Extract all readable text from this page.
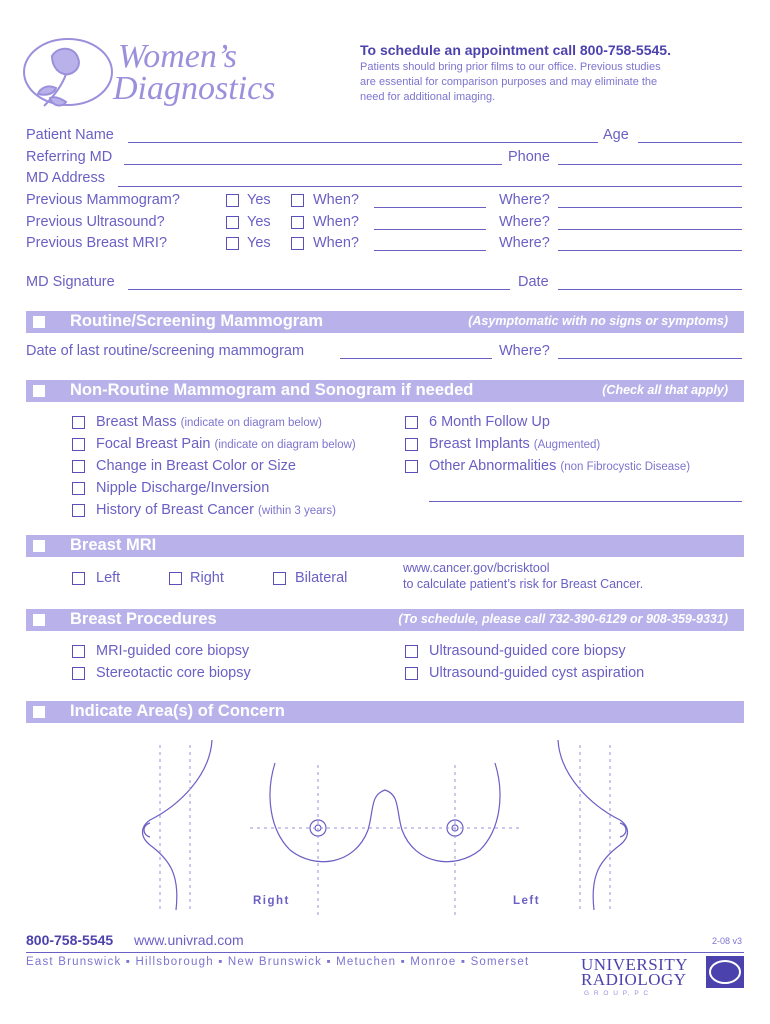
Women’s
Diagnostics
To schedule an appointment call 800-758-5545.
Patients should bring prior films to our office. Previous studies
are essential for comparison purposes and may eliminate the
need for additional imaging.
Patient Name	Age
Referring MD	Phone
MD Address
Previous Mammogram?	Yes	When?	Where?
Previous Ultrasound?	Yes	When?	Where?
Previous Breast MRI?	Yes	When?	Where?
MD Signature	Date
Routine/Screening Mammogram	(Asymptomatic with no signs or symptoms)
Date of last routine/screening mammogram	Where?
Non-Routine Mammogram and Sonogram if needed	(Check all that apply)
Breast Mass (indicate on diagram below)
Focal Breast Pain (indicate on diagram below)
Change in Breast Color or Size
Nipple Discharge/Inversion
History of Breast Cancer (within 3 years)
6 Month Follow Up
Breast Implants (Augmented)
Other Abnormalities (non Fibrocystic Disease)
Breast MRI
Left	Right	Bilateral
www.cancer.gov/bcrisktool
to calculate patient’s risk for Breast Cancer.
Breast Procedures	(To schedule, please call 732-390-6129 or 908-359-9331)
MRI-guided core biopsy
Stereotactic core biopsy
Ultrasound-guided core biopsy
Ultrasound-guided cyst aspiration
Indicate Area(s) of Concern
Right	Left
800-758-5545 www.univrad.com	2-08 v3
East Brunswick ▪ Hillsborough ▪ New Brunswick ▪ Metuchen ▪ Monroe ▪ Somerset	UNIVERSITY
RADIOLOGY
G R O U P, P C
